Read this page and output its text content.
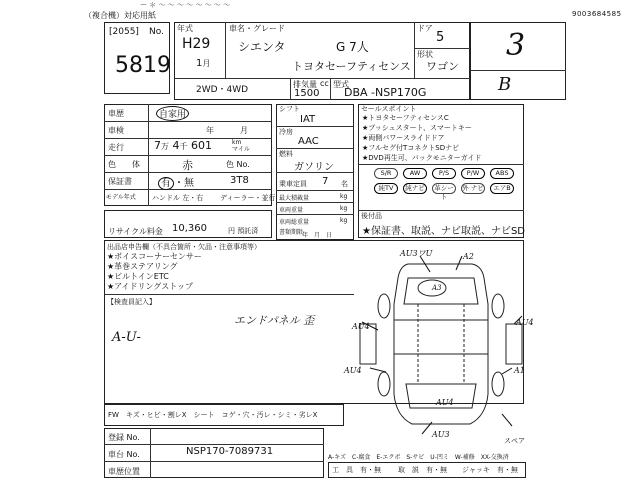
ー ＊ 〜 〜 〜 〜 〜 〜 〜 〜
（複合機）対応用紙	9003684585
[2055] No.
5819
年式
H29
1月
車名・グレード
シエンタ	G 7人
トヨタセーフティセンス
ドア
5
形状
ワゴン
2WD・4WD
排気量
1500
cc 型式
DBA -NSP170G
3
B
車歴	自家用
車検	年	月
走行	7万 4千 601	km
マイル
色　　体	赤	色 No.
保証書	有 ・無	3T8
モデル年式 ハンドル 左・右 ディーラー・並行
リサイクル料金 10,360	円 預託済
シフト
IAT
冷房
AAC
燃料
ガソリン
乗車定員 7 名
最大積載量	kg
車両重量	kg
車両総重量	kg
書類期限
年　 月　 日
セールスポイント
★トヨタセーフティセンスC
★プッシュスタート、スマートキー
★両側パワースライドドア
★フルセグ付TコネクトSDナビ
★DVD再生可、バックモニターガイド
S/R	AW	P/S	P/W	ABS
純TV	純ナビ	革シート
外 ナビ	エアB
後付品
★保証書、取説、ナビ取説、ナビSD
出品店申告欄（不具合箇所・欠品・注意事項等）
★ボイスコーナーセンサー
★革巻ステアリング
★ビルトインETC
★アイドリングストップ
【検査員記入】
エンドパネル 歪
A-U-
AU3ワU	A2
A3
AU4	AU4
AU4
AU4
AU3
A1
スペア
FW　キズ・ヒビ・割レX　シート　コゲ・穴・汚レ・シミ・劣レX
登録 No.
車台 No.	NSP170-7089731
車歴位置
A-キズ　C-腐食　E-エクボ　S-サビ　U-凹ミ　W-補修　XX-交換済
工　具　 有・無 取　説　 有・無 ジャッキ　 有・無
